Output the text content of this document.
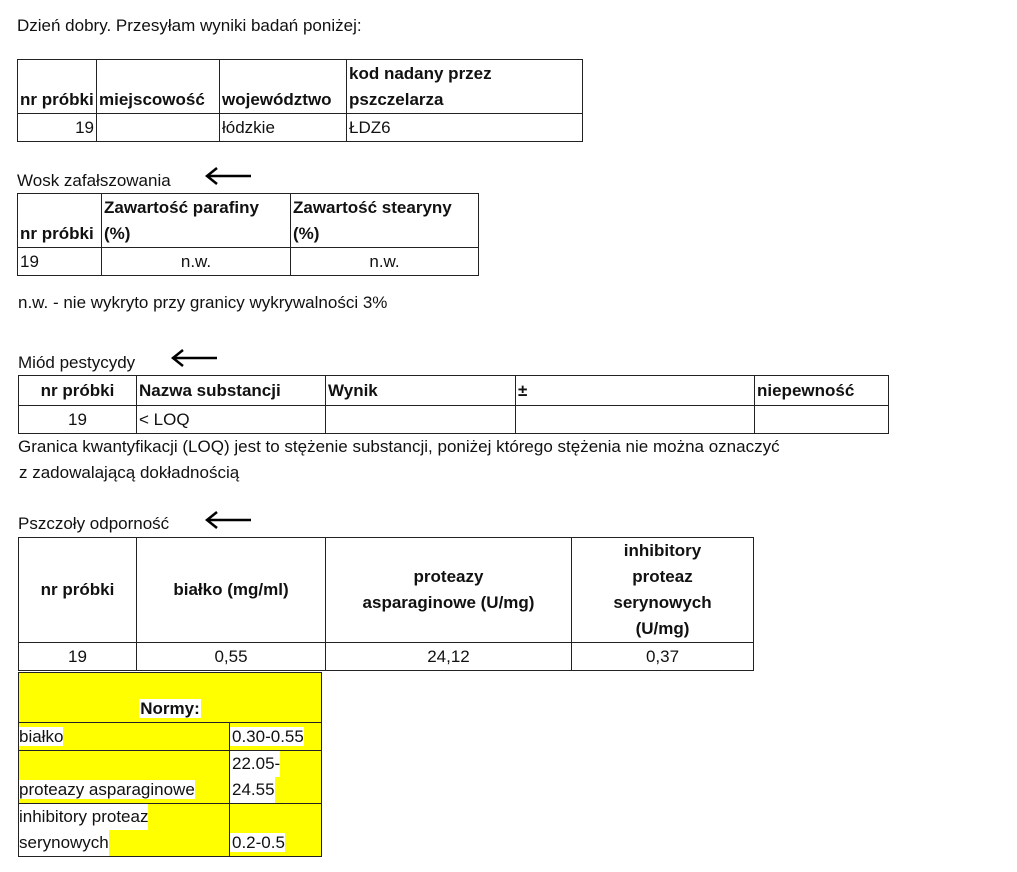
Dzień dobry. Przesyłam wyniki badań poniżej:
nr próbki	miejscowość	województwo	kod nadany przez pszczelarza
19		łódzkie	ŁDZ6
Wosk zafałszowania
nr próbki	Zawartość parafiny (%)	Zawartość stearyny (%)
19	n.w.	n.w.
n.w. - nie wykryto przy granicy wykrywalności 3%
Miód pestycydy
nr próbki	Nazwa substancji	Wynik	±	niepewność
19	< LOQ			
Granica kwantyfikacji (LOQ) jest to stężenie substancji, poniżej którego stężenia nie można oznaczyć
z zadowalającą dokładnością
Pszczoły odporność
nr próbki	białko (mg/ml)	proteazy asparaginowe (U/mg)	inhibitory proteaz serynowych (U/mg)
19	0,55	24,12	0,37
Normy:	
białko	0.30-0.55
proteazy asparaginowe	22.05-
24.55
inhibitory proteaz
serynowych	0.2-0.5
